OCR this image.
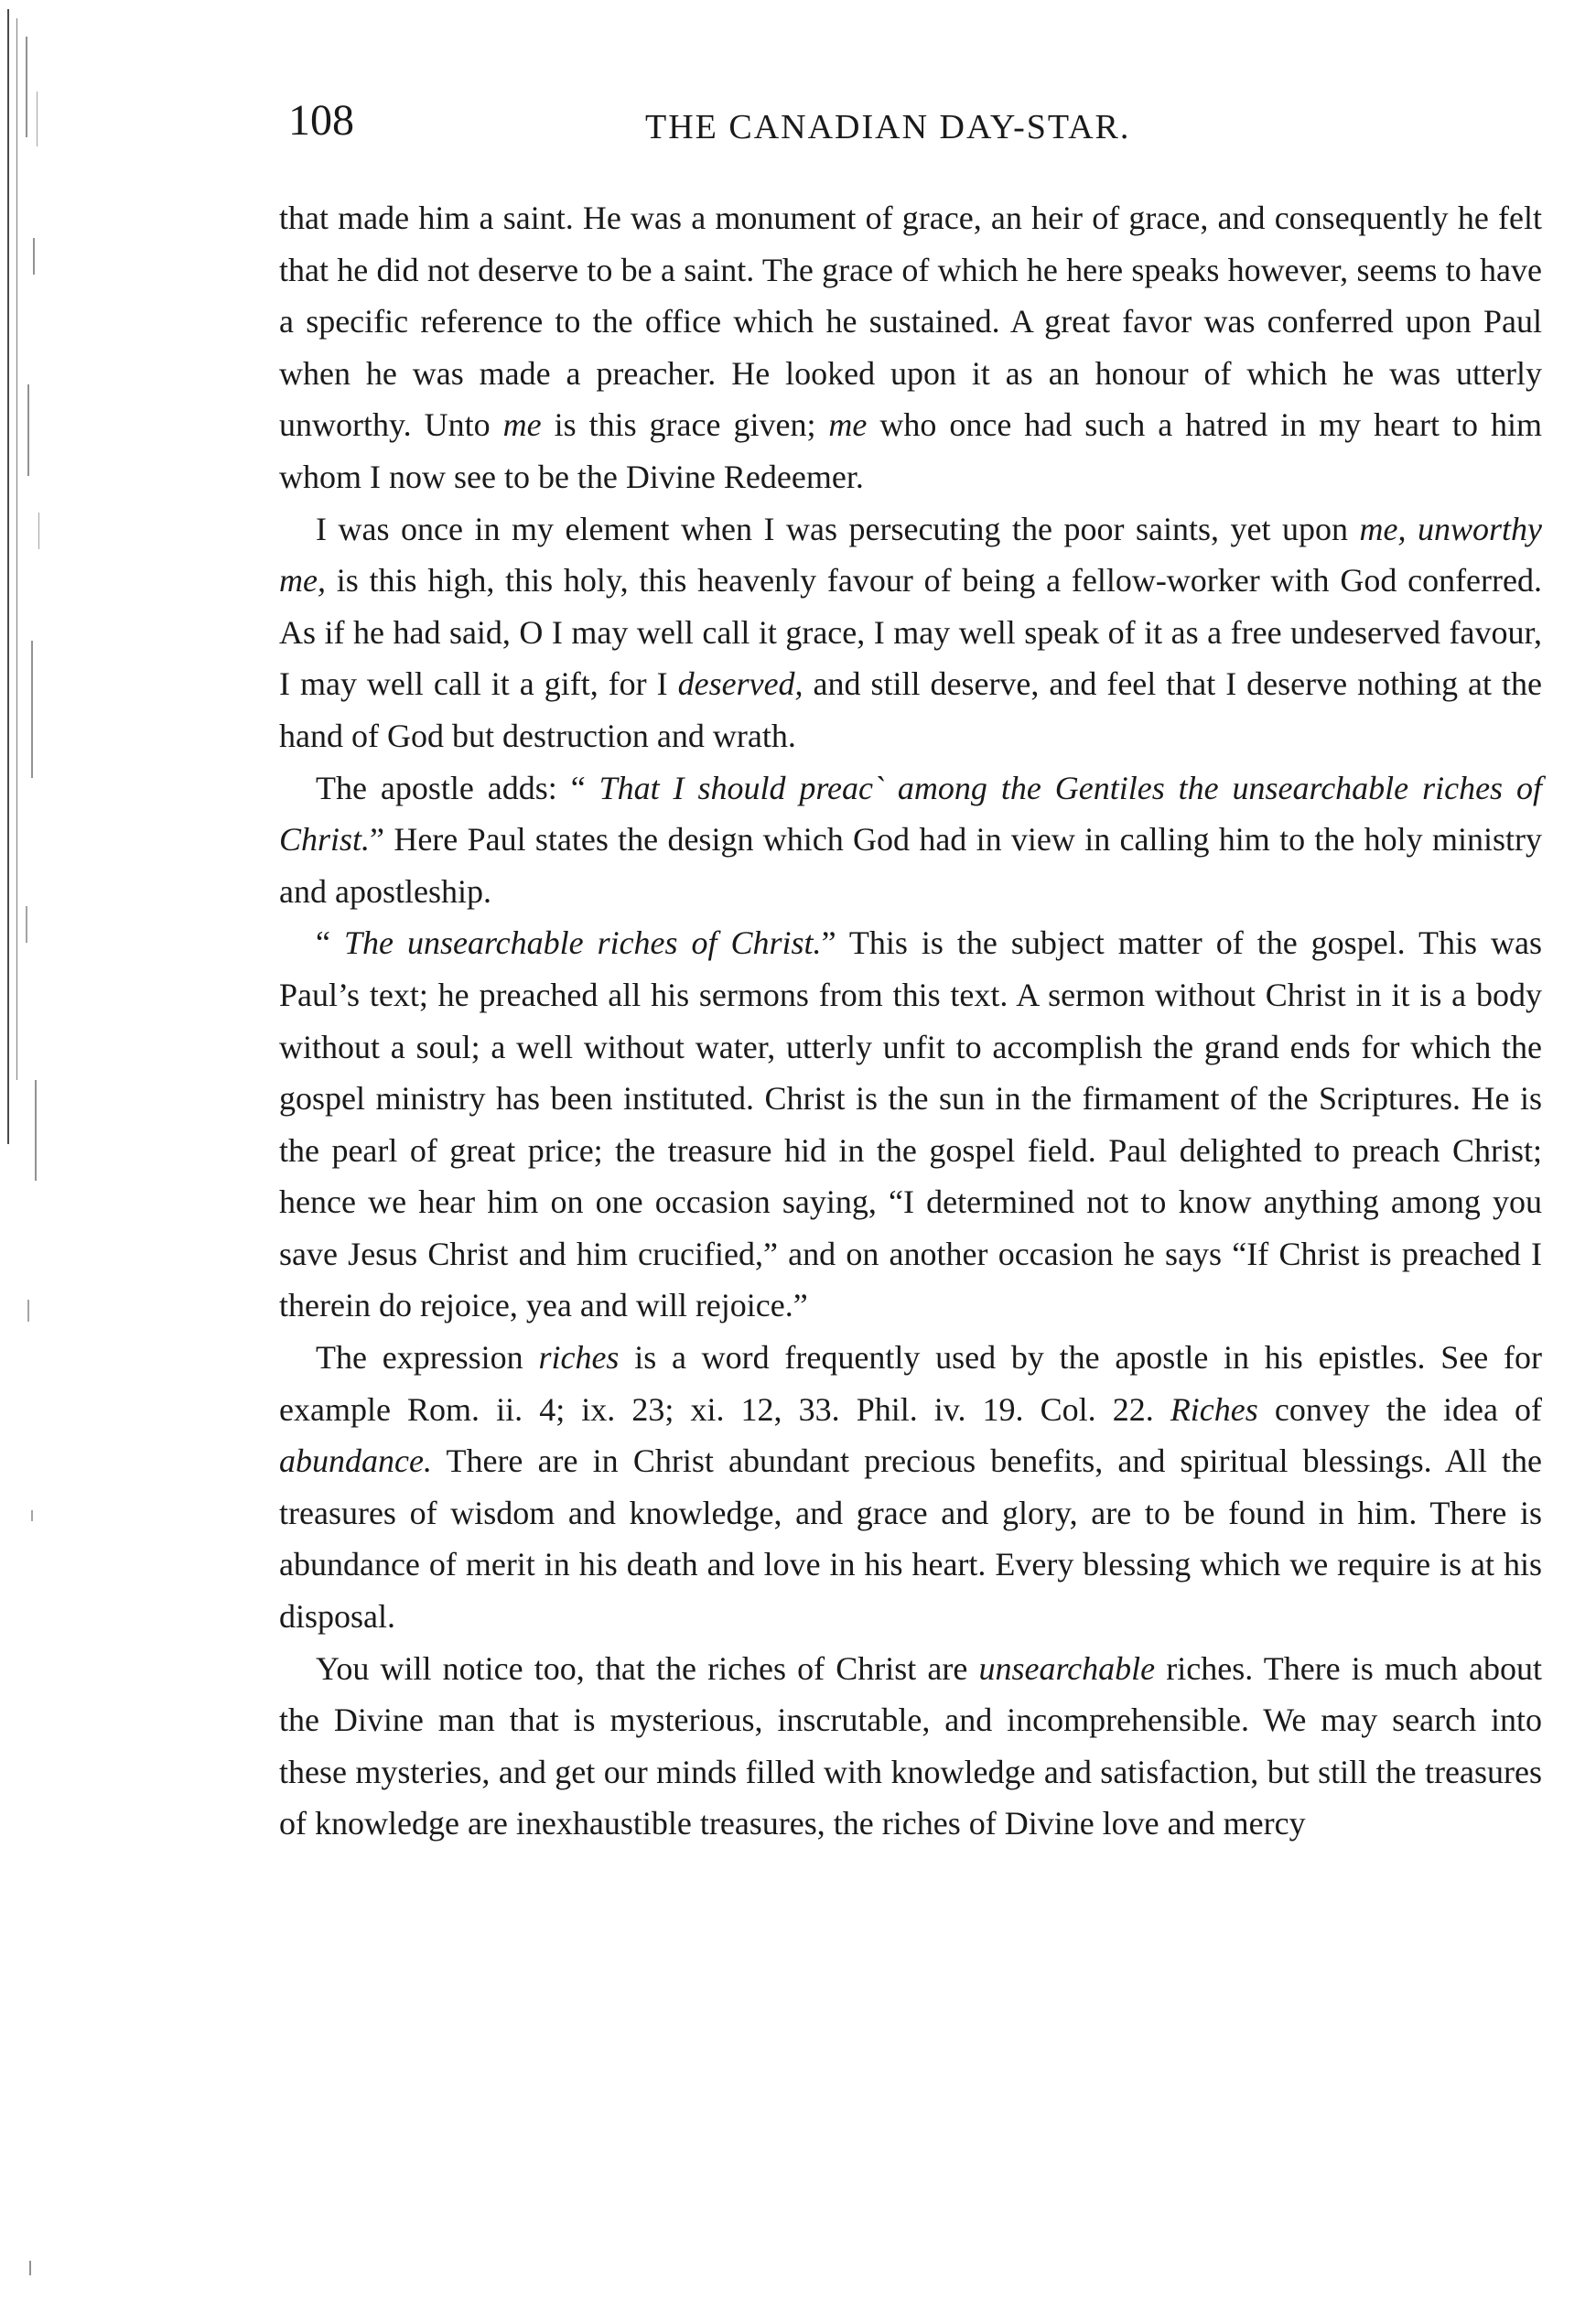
108	THE CANADIAN DAY-STAR.

that made him a saint. He was a monument of grace, an heir of grace, and consequently he felt that he did not deserve to be a saint. The grace of which he here speaks however, seems to have a specific reference to the office which he sustained. A great favor was conferred upon Paul when he was made a preacher. He looked upon it as an honour of which he was utterly unworthy. Unto me is this grace given; me who once had such a hatred in my heart to him whom I now see to be the Divine Redeemer.

I was once in my element when I was persecuting the poor saints, yet upon me, unworthy me, is this high, this holy, this heavenly favour of being a fellow-worker with God conferred. As if he had said, O I may well call it grace, I may well speak of it as a free undeserved favour, I may well call it a gift, for I deserved, and still deserve, and feel that I deserve nothing at the hand of God but destruction and wrath.

The apostle adds: “ That I should preac` among the Gentiles the unsearchable riches of Christ.” Here Paul states the design which God had in view in calling him to the holy ministry and apostleship.

“ The unsearchable riches of Christ.” This is the subject matter of the gospel. This was Paul’s text; he preached all his sermons from this text. A sermon without Christ in it is a body without a soul; a well without water, utterly unfit to accomplish the grand ends for which the gospel ministry has been instituted. Christ is the sun in the firmament of the Scriptures. He is the pearl of great price; the treasure hid in the gospel field. Paul delighted to preach Christ; hence we hear him on one occasion saying, “I determined not to know anything among you save Jesus Christ and him crucified,” and on another occasion he says “If Christ is preached I therein do rejoice, yea and will rejoice.”

The expression riches is a word frequently used by the apostle in his epistles. See for example Rom. ii. 4; ix. 23; xi. 12, 33. Phil. iv. 19. Col. 22. Riches convey the idea of abundance. There are in Christ abundant precious benefits, and spiritual blessings. All the treasures of wisdom and knowledge, and grace and glory, are to be found in him. There is abundance of merit in his death and love in his heart. Every blessing which we require is at his disposal.

You will notice too, that the riches of Christ are unsearchable riches. There is much about the Divine man that is mysterious, inscrutable, and incomprehensible. We may search into these mysteries, and get our minds filled with knowledge and satisfaction, but still the treasures of knowledge are inexhaustible treasures, the riches of Divine love and mercy
